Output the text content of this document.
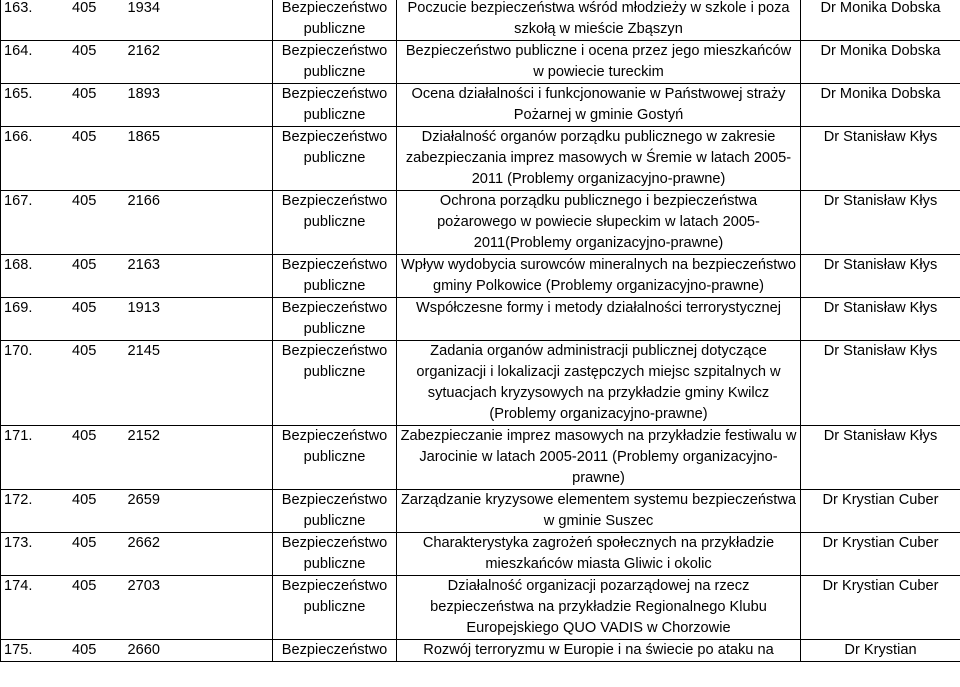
163. 405 1934	Bezpieczeństwo publiczne	Poczucie bezpieczeństwa wśród młodzieży w szkole i poza szkołą w mieście Zbąszyn	Dr Monika Dobska
164. 405 2162	Bezpieczeństwo publiczne	Bezpieczeństwo publiczne i ocena przez jego mieszkańców w powiecie tureckim	Dr Monika Dobska
165. 405 1893	Bezpieczeństwo publiczne	Ocena działalności i funkcjonowanie w Państwowej straży Pożarnej w gminie Gostyń	Dr Monika Dobska
166. 405 1865	Bezpieczeństwo publiczne	Działalność organów porządku publicznego w zakresie zabezpieczania imprez masowych w Śremie w latach 2005-2011 (Problemy organizacyjno-prawne)	Dr Stanisław Kłys
167. 405 2166	Bezpieczeństwo publiczne	Ochrona porządku publicznego i bezpieczeństwa pożarowego w powiecie słupeckim w latach 2005-2011(Problemy organizacyjno-prawne)	Dr Stanisław Kłys
168. 405 2163	Bezpieczeństwo publiczne	Wpływ wydobycia surowców mineralnych na bezpieczeństwo gminy Polkowice (Problemy organizacyjno-prawne)	Dr Stanisław Kłys
169. 405 1913	Bezpieczeństwo publiczne	Współczesne formy i metody działalności terrorystycznej	Dr Stanisław Kłys
170. 405 2145	Bezpieczeństwo publiczne	Zadania organów administracji publicznej dotyczące organizacji i lokalizacji zastępczych miejsc szpitalnych w sytuacjach kryzysowych na przykładzie gminy Kwilcz (Problemy organizacyjno-prawne)	Dr Stanisław Kłys
171. 405 2152	Bezpieczeństwo publiczne	Zabezpieczanie imprez masowych na przykładzie festiwalu w Jarocinie w latach 2005-2011 (Problemy organizacyjno-prawne)	Dr Stanisław Kłys
172. 405 2659	Bezpieczeństwo publiczne	Zarządzanie kryzysowe elementem systemu bezpieczeństwa w gminie Suszec	Dr Krystian Cuber
173. 405 2662	Bezpieczeństwo publiczne	Charakterystyka zagrożeń społecznych na przykładzie mieszkańców miasta Gliwic i okolic	Dr Krystian Cuber
174. 405 2703	Bezpieczeństwo publiczne	Działalność organizacji pozarządowej na rzecz bezpieczeństwa na przykładzie Regionalnego Klubu Europejskiego QUO VADIS w Chorzowie	Dr Krystian Cuber
175. 405 2660	Bezpieczeństwo	Rozwój terroryzmu w Europie i na świecie po ataku na	Dr Krystian
